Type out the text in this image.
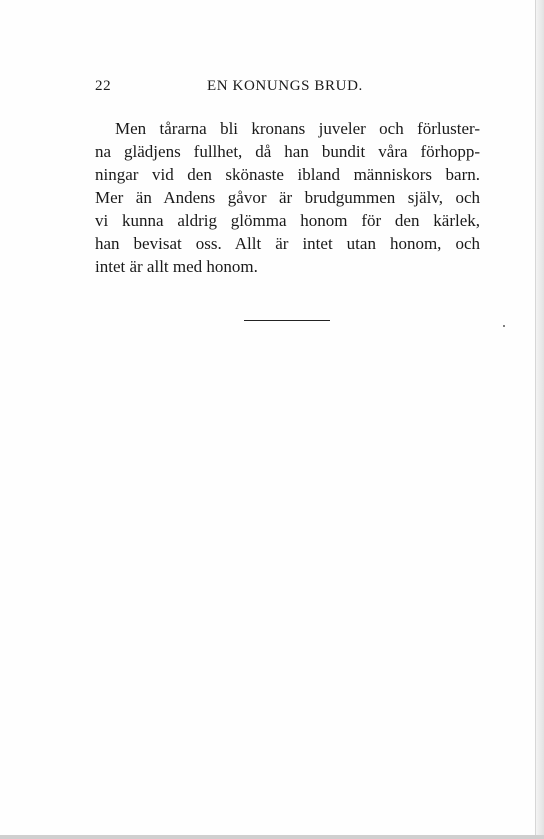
22	EN KONUNGS BRUD.
Men tårarna bli kronans juveler och förluster-
na glädjens fullhet, då han bundit våra förhopp-
ningar vid den skönaste ibland människors barn.
Mer än Andens gåvor är brudgummen själv, och
vi kunna aldrig glömma honom för den kärlek,
han bevisat oss. Allt är intet utan honom, och
intet är allt med honom.
